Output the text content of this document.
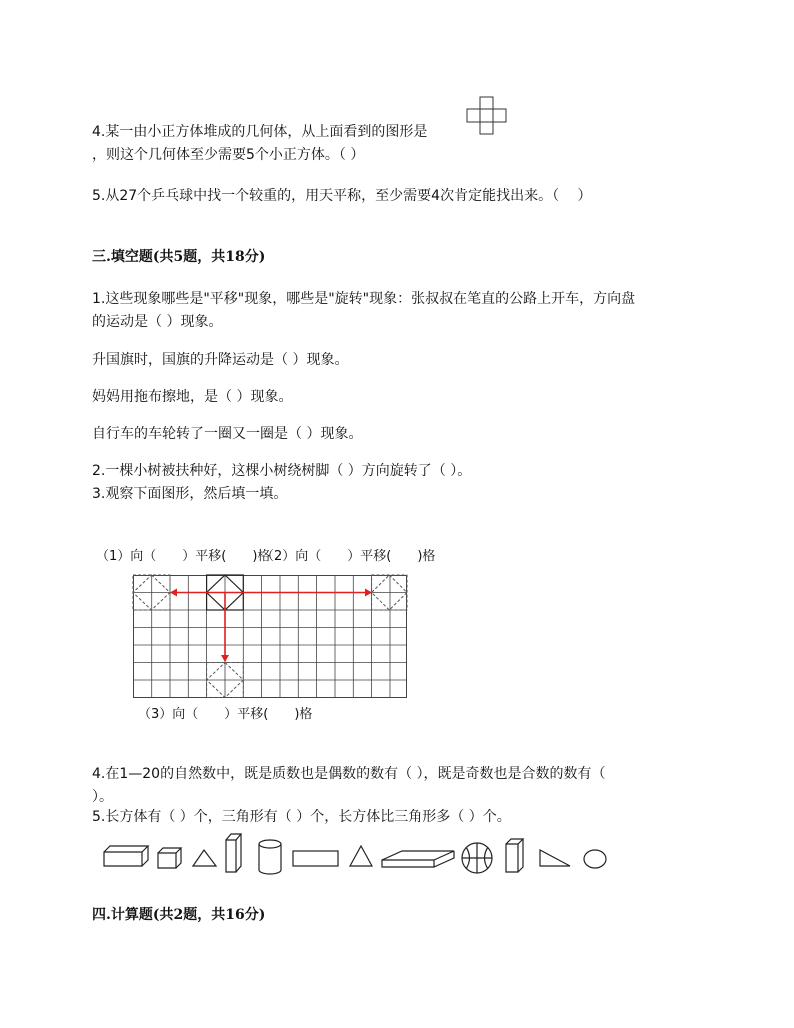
4.某一由小正方体堆成的几何体，从上面看到的图形是
，则这个几何体至少需要5个小正方体。（ ）
5.从27个乒乓球中找一个较重的，用天平称，至少需要4次肯定能找出来。（　 ）
三.填空题(共5题，共18分)
1.这些现象哪些是"平移"现象，哪些是"旋转"现象：张叔叔在笔直的公路上开车，方向盘
的运动是（ ）现象。
升国旗时，国旗的升降运动是（ ）现象。
妈妈用拖布擦地，是（ ）现象。
自行车的车轮转了一圈又一圈是（ ）现象。
2.一棵小树被扶种好，这棵小树绕树脚（ ）方向旋转了（ ）。
3.观察下面图形，然后填一填。
（1）向（　　）平移(　　)格
（2）向（　　）平移(　　)格
（3）向（　　）平移(　　)格
4.在1—20的自然数中，既是质数也是偶数的数有（ ），既是奇数也是合数的数有（
）。
5.长方体有（ ）个，三角形有（ ）个，长方体比三角形多（ ）个。
四.计算题(共2题，共16分)
